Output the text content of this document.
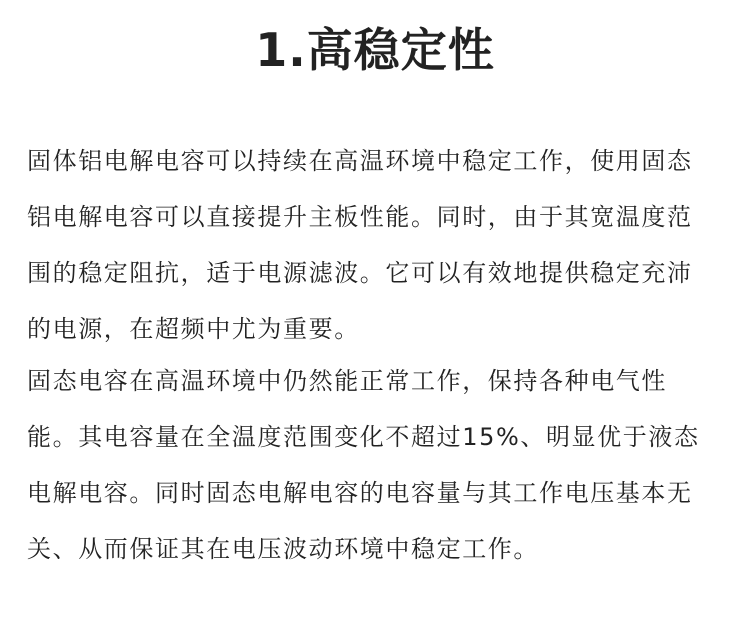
1.高稳定性
固体铝电解电容可以持续在高温环境中稳定工作，使用固态
铝电解电容可以直接提升主板性能。同时，由于其宽温度范
围的稳定阻抗，适于电源滤波。它可以有效地提供稳定充沛
的电源，在超频中尤为重要。
固态电容在高温环境中仍然能正常工作，保持各种电气性
能。其电容量在全温度范围变化不超过15%、明显优于液态
电解电容。同时固态电解电容的电容量与其工作电压基本无
关、从而保证其在电压波动环境中稳定工作。
